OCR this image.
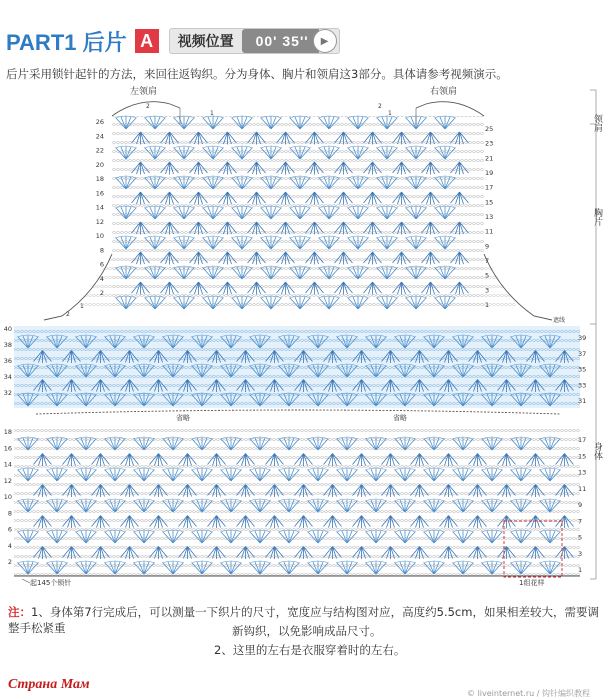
PART1 后片 A	视频位置	00' 35''	▶
后片采用锁针起针的方法，来回往返钩织。分为身体、胸片和领肩这3部分。具体请参考视频演示。
领肩
胸片
身体
左领肩	右领肩
2
1
2
1
2
1
26
24
22
20
18
16
14
12
10
8
6
4
2
25
23
21
19
17
15
13
11
9
7
5
3
1
遮线
40
38
36
34
32
39
37
35
33
31
省略	省略
18
16
14
12
10
8
6
4
2
17
15
13
11
9
7
5
3
1
1组花样
起145个锁针
注：1、身体第7行完成后，可以测量一下织片的尺寸，宽度应与结构图对应，高度约5.5cm，如果相差较大，需要调整手松紧重	新钩织，以免影响成品尺寸。
2、这里的左右是衣服穿着时的左右。
Страна Мам
© liveinternet.ru / 钩针编织教程
